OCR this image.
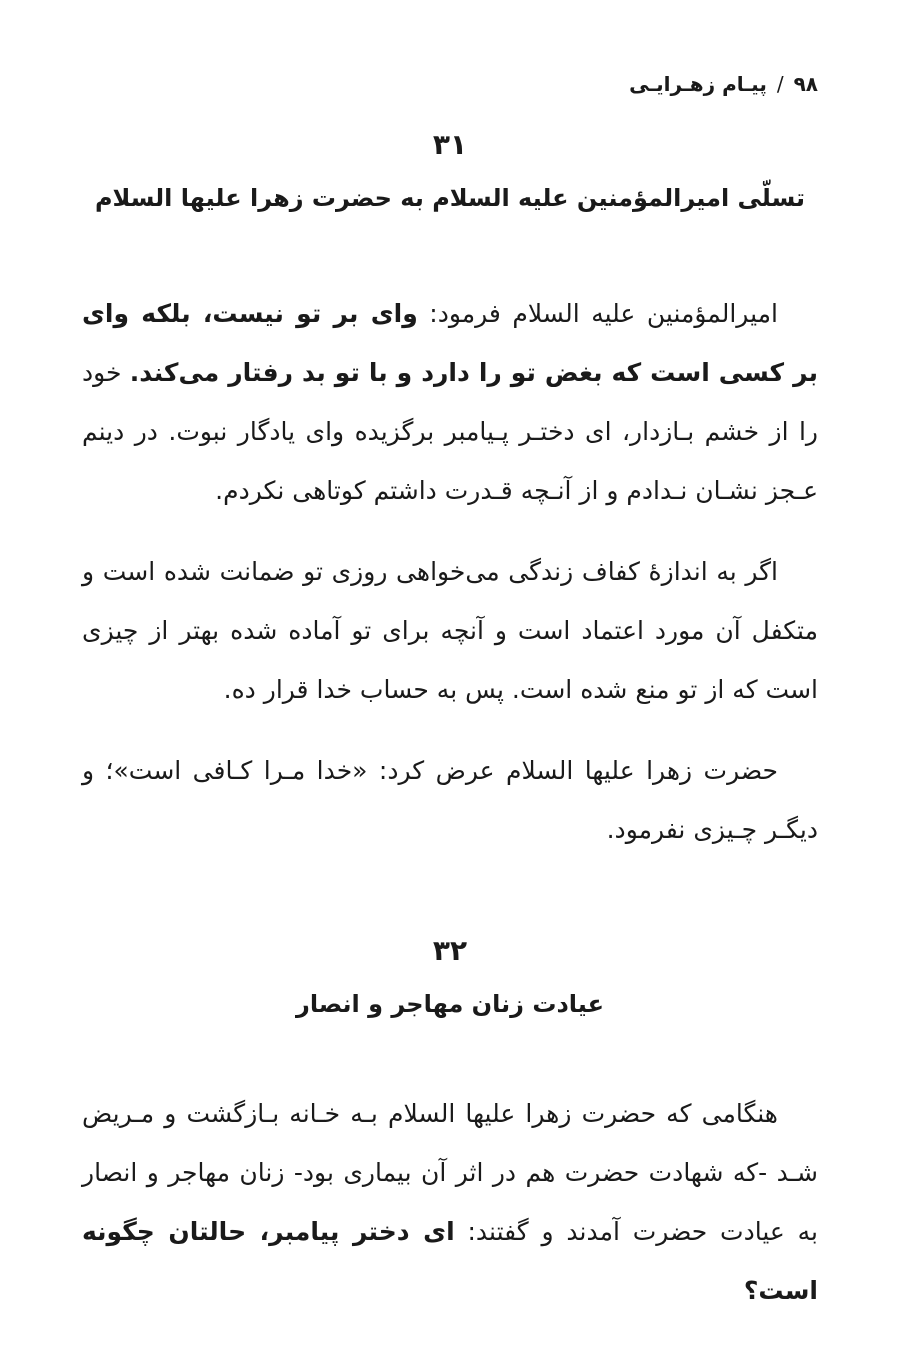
۹۸/پیـام زهـرایـی
۳۱
تسلّی امیرالمؤمنین علیه السلام به حضرت زهرا علیها السلام

امیرالمؤمنین علیه السلام فرمود: وای بر تو نیست، بلکه وای بر کسی است که بغض تو را دارد و با تو بد رفتار می‌کند. خود را از خشم بـازدار، ای دختـر پـیامبر برگزیده وای یادگار نبوت. در دینم عـجز نشـان نـدادم و از آنـچه قـدرت داشتم کوتاهی نکردم.

اگر به اندازهٔ کفاف زندگی می‌خواهی روزی تو ضمانت شده است و متکفل آن مورد اعتماد است و آنچه برای تو آماده شده بهتر از چیزی است که از تو منع شده است. پس به حساب خدا قرار ده.

حضرت زهرا علیها السلام عرض کرد: «خدا مـرا کـافی است»؛ و دیگـر چـیزی نفرمود.

۳۲
عیادت زنان مهاجر و انصار

هنگامی که حضرت زهرا علیها السلام بـه خـانه بـازگشت و مـریض شـد -که شهادت حضرت هم در اثر آن بیماری بود- زنان مهاجر و انصار به عیادت حضرت آمدند و گفتند: ای دختر پیامبر، حالتان چگونه است؟
